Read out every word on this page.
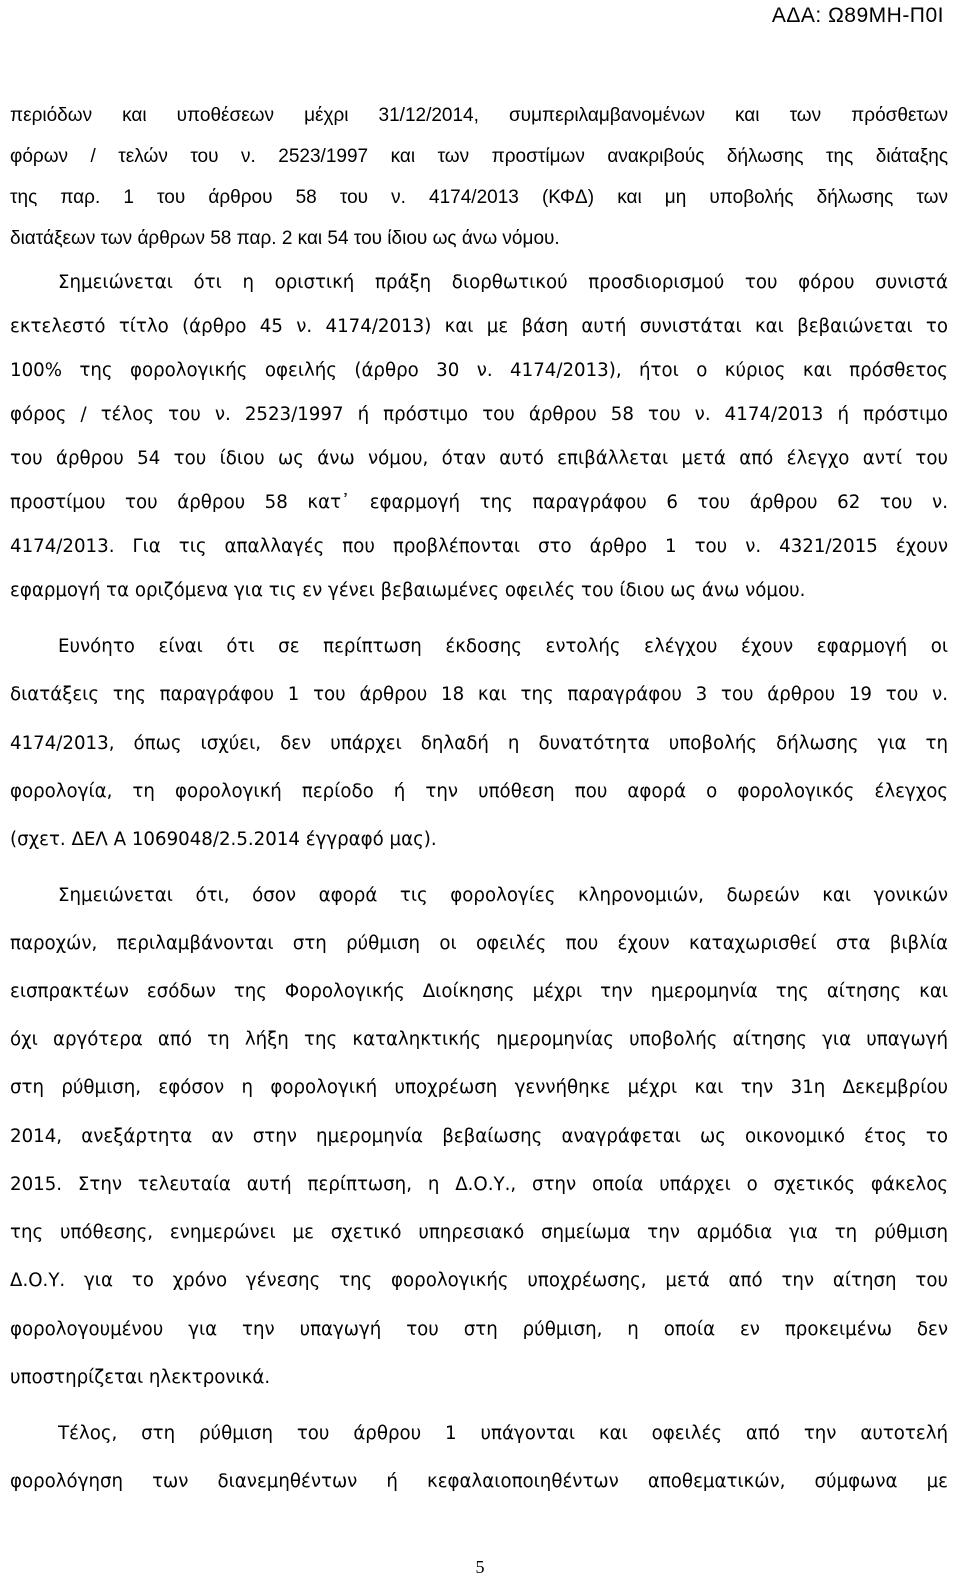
ΑΔΑ: Ω89ΜΗ-Π0Ι
περιόδων και υποθέσεων μέχρι 31/12/2014, συμπεριλαμβανομένων και των πρόσθετων
φόρων / τελών του ν. 2523/1997 και των προστίμων ανακριβούς δήλωσης της διάταξης
της παρ. 1 του άρθρου 58 του ν. 4174/2013 (ΚΦΔ) και μη υποβολής δήλωσης των
διατάξεων των άρθρων 58 παρ. 2 και 54 του ίδιου ως άνω νόμου.
Σημειώνεται ότι η οριστική πράξη διορθωτικού προσδιορισμού του φόρου συνιστά
εκτελεστό τίτλο (άρθρο 45 ν. 4174/2013) και με βάση αυτή συνιστάται και βεβαιώνεται το
100% της φορολογικής οφειλής (άρθρο 30 ν. 4174/2013), ήτοι ο κύριος και πρόσθετος
φόρος / τέλος του ν. 2523/1997 ή πρόστιμο του άρθρου 58 του ν. 4174/2013 ή πρόστιμο
του άρθρου 54 του ίδιου ως άνω νόμου, όταν αυτό επιβάλλεται μετά από έλεγχο αντί του
προστίμου του άρθρου 58 κατ᾽ εφαρμογή της παραγράφου 6 του άρθρου 62 του ν.
4174/2013. Για τις απαλλαγές που προβλέπονται στο άρθρο 1 του ν. 4321/2015 έχουν
εφαρμογή τα οριζόμενα για τις εν γένει βεβαιωμένες οφειλές του ίδιου ως άνω νόμου.
Ευνόητο είναι ότι σε περίπτωση έκδοσης εντολής ελέγχου έχουν εφαρμογή οι
διατάξεις της παραγράφου 1 του άρθρου 18 και της παραγράφου 3 του άρθρου 19 του ν.
4174/2013, όπως ισχύει, δεν υπάρχει δηλαδή η δυνατότητα υποβολής δήλωσης για τη
φορολογία, τη φορολογική περίοδο ή την υπόθεση που αφορά ο φορολογικός έλεγχος
(σχετ. ΔΕΛ Α 1069048/2.5.2014 έγγραφό μας).
Σημειώνεται ότι, όσον αφορά τις φορολογίες κληρονομιών, δωρεών και γονικών
παροχών, περιλαμβάνονται στη ρύθμιση οι οφειλές που έχουν καταχωρισθεί στα βιβλία
εισπρακτέων εσόδων της Φορολογικής Διοίκησης μέχρι την ημερομηνία της αίτησης και
όχι αργότερα από τη λήξη της καταληκτικής ημερομηνίας υποβολής αίτησης για υπαγωγή
στη ρύθμιση, εφόσον η φορολογική υποχρέωση γεννήθηκε μέχρι και την 31η Δεκεμβρίου
2014, ανεξάρτητα αν στην ημερομηνία βεβαίωσης αναγράφεται ως οικονομικό έτος το
2015. Στην τελευταία αυτή περίπτωση, η Δ.Ο.Υ., στην οποία υπάρχει ο σχετικός φάκελος
της υπόθεσης, ενημερώνει με σχετικό υπηρεσιακό σημείωμα την αρμόδια για τη ρύθμιση
Δ.Ο.Υ. για το χρόνο γένεσης της φορολογικής υποχρέωσης, μετά από την αίτηση του
φορολογουμένου για την υπαγωγή του στη ρύθμιση, η οποία εν προκειμένω δεν
υποστηρίζεται ηλεκτρονικά.
Τέλος, στη ρύθμιση του άρθρου 1 υπάγονται και οφειλές από την αυτοτελή
φορολόγηση των διανεμηθέντων ή κεφαλαιοποιηθέντων αποθεματικών, σύμφωνα με
5
